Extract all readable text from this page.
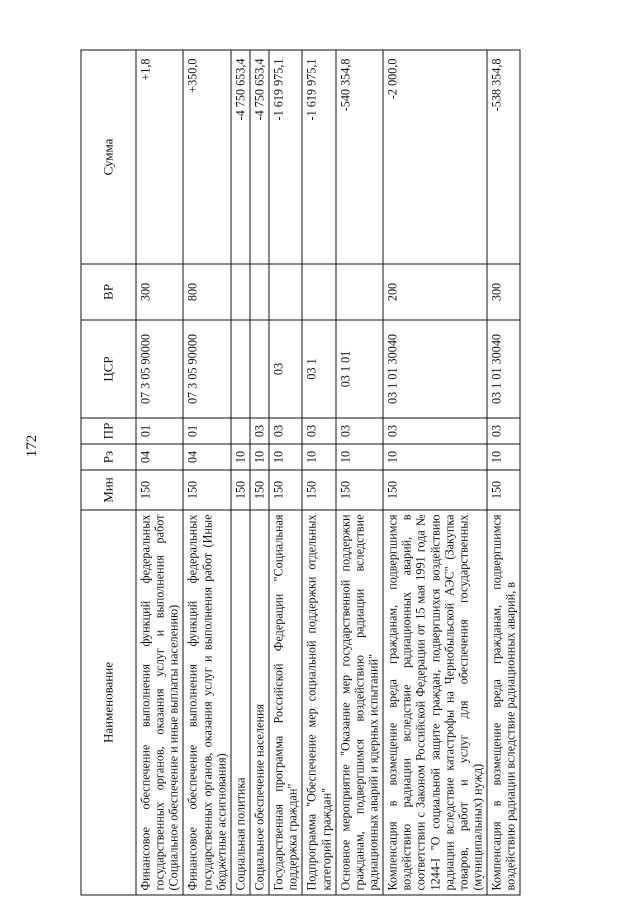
172
Наименование	Мин	Рз	ПР	ЦСР	ВР	Сумма
Финансовое обеспечение выполнения функций федеральных государственных органов, оказания услуг и выполнения работ (Социальное обеспечение и иные выплаты населению)	150	04	01	07 3 05 90000	300	+1,8
Финансовое обеспечение выполнения функций федеральных государственных органов, оказания услуг и выполнения работ (Иные бюджетные ассигнования)	150	04	01	07 3 05 90000	800	+350,0
Социальная политика	150	10				-4 750 653,4
Социальное обеспечение населения	150	10	03			-4 750 653,4
Государственная программа Российской Федерации "Социальная поддержка граждан"	150	10	03	03		-1 619 975,1
Подпрограмма "Обеспечение мер социальной поддержки отдельных категорий граждан"	150	10	03	03 1		-1 619 975,1
Основное мероприятие "Оказание мер государственной поддержки гражданам, подвергшимся воздействию радиации вследствие радиационных аварий и ядерных испытаний"	150	10	03	03 1 01		-540 354,8
Компенсация в возмещение вреда гражданам, подвергшимся воздействию радиации вследствие радиационных аварий, в соответствии с Законом Российской Федерации от 15 мая 1991 года № 1244-I "О социальной защите граждан, подвергшихся воздействию радиации вследствие катастрофы на Чернобыльской АЭС" (Закупка товаров, работ и услуг для обеспечения государственных (муниципальных) нужд)	150	10	03	03 1 01 30040	200	-2 000,0
Компенсация в возмещение вреда гражданам, подвергшимся воздействию радиации вследствие радиационных аварий, в	150	10	03	03 1 01 30040	300	-538 354,8
